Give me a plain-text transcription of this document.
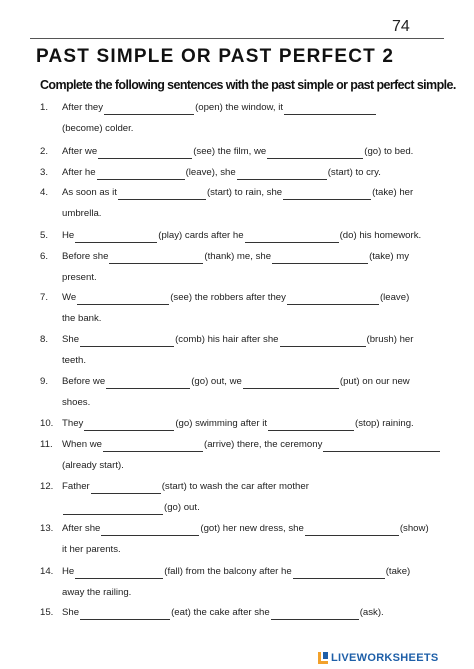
74
PAST SIMPLE OR PAST PERFECT 2
Complete the following sentences with the past simple or past perfect simple.
1. After they	(open) the window, it
(become) colder.
2. After we	(see) the film, we	(go) to bed.
3. After he	(leave), she	(start) to cry.
4. As soon as it	(start) to rain, she	(take) her
umbrella.
5. He	(play) cards after he	(do) his homework.
6. Before she	(thank) me, she	(take) my
present.
7. We	(see) the robbers after they	(leave)
the bank.
8. She	(comb) his hair after she	(brush) her
teeth.
9. Before we	(go) out, we	(put) on our new
shoes.
10. They	(go) swimming after it	(stop) raining.
11. When we	(arrive) there, the ceremony
(already start).
12. Father	(start) to wash the car after mother
(go) out.
13. After she	(got) her new dress, she	(show)
it her parents.
14. He	(fall) from the balcony after he	(take)
away the railing.
15. She	(eat) the cake after she	(ask).
LIVEWORKSHEETS
